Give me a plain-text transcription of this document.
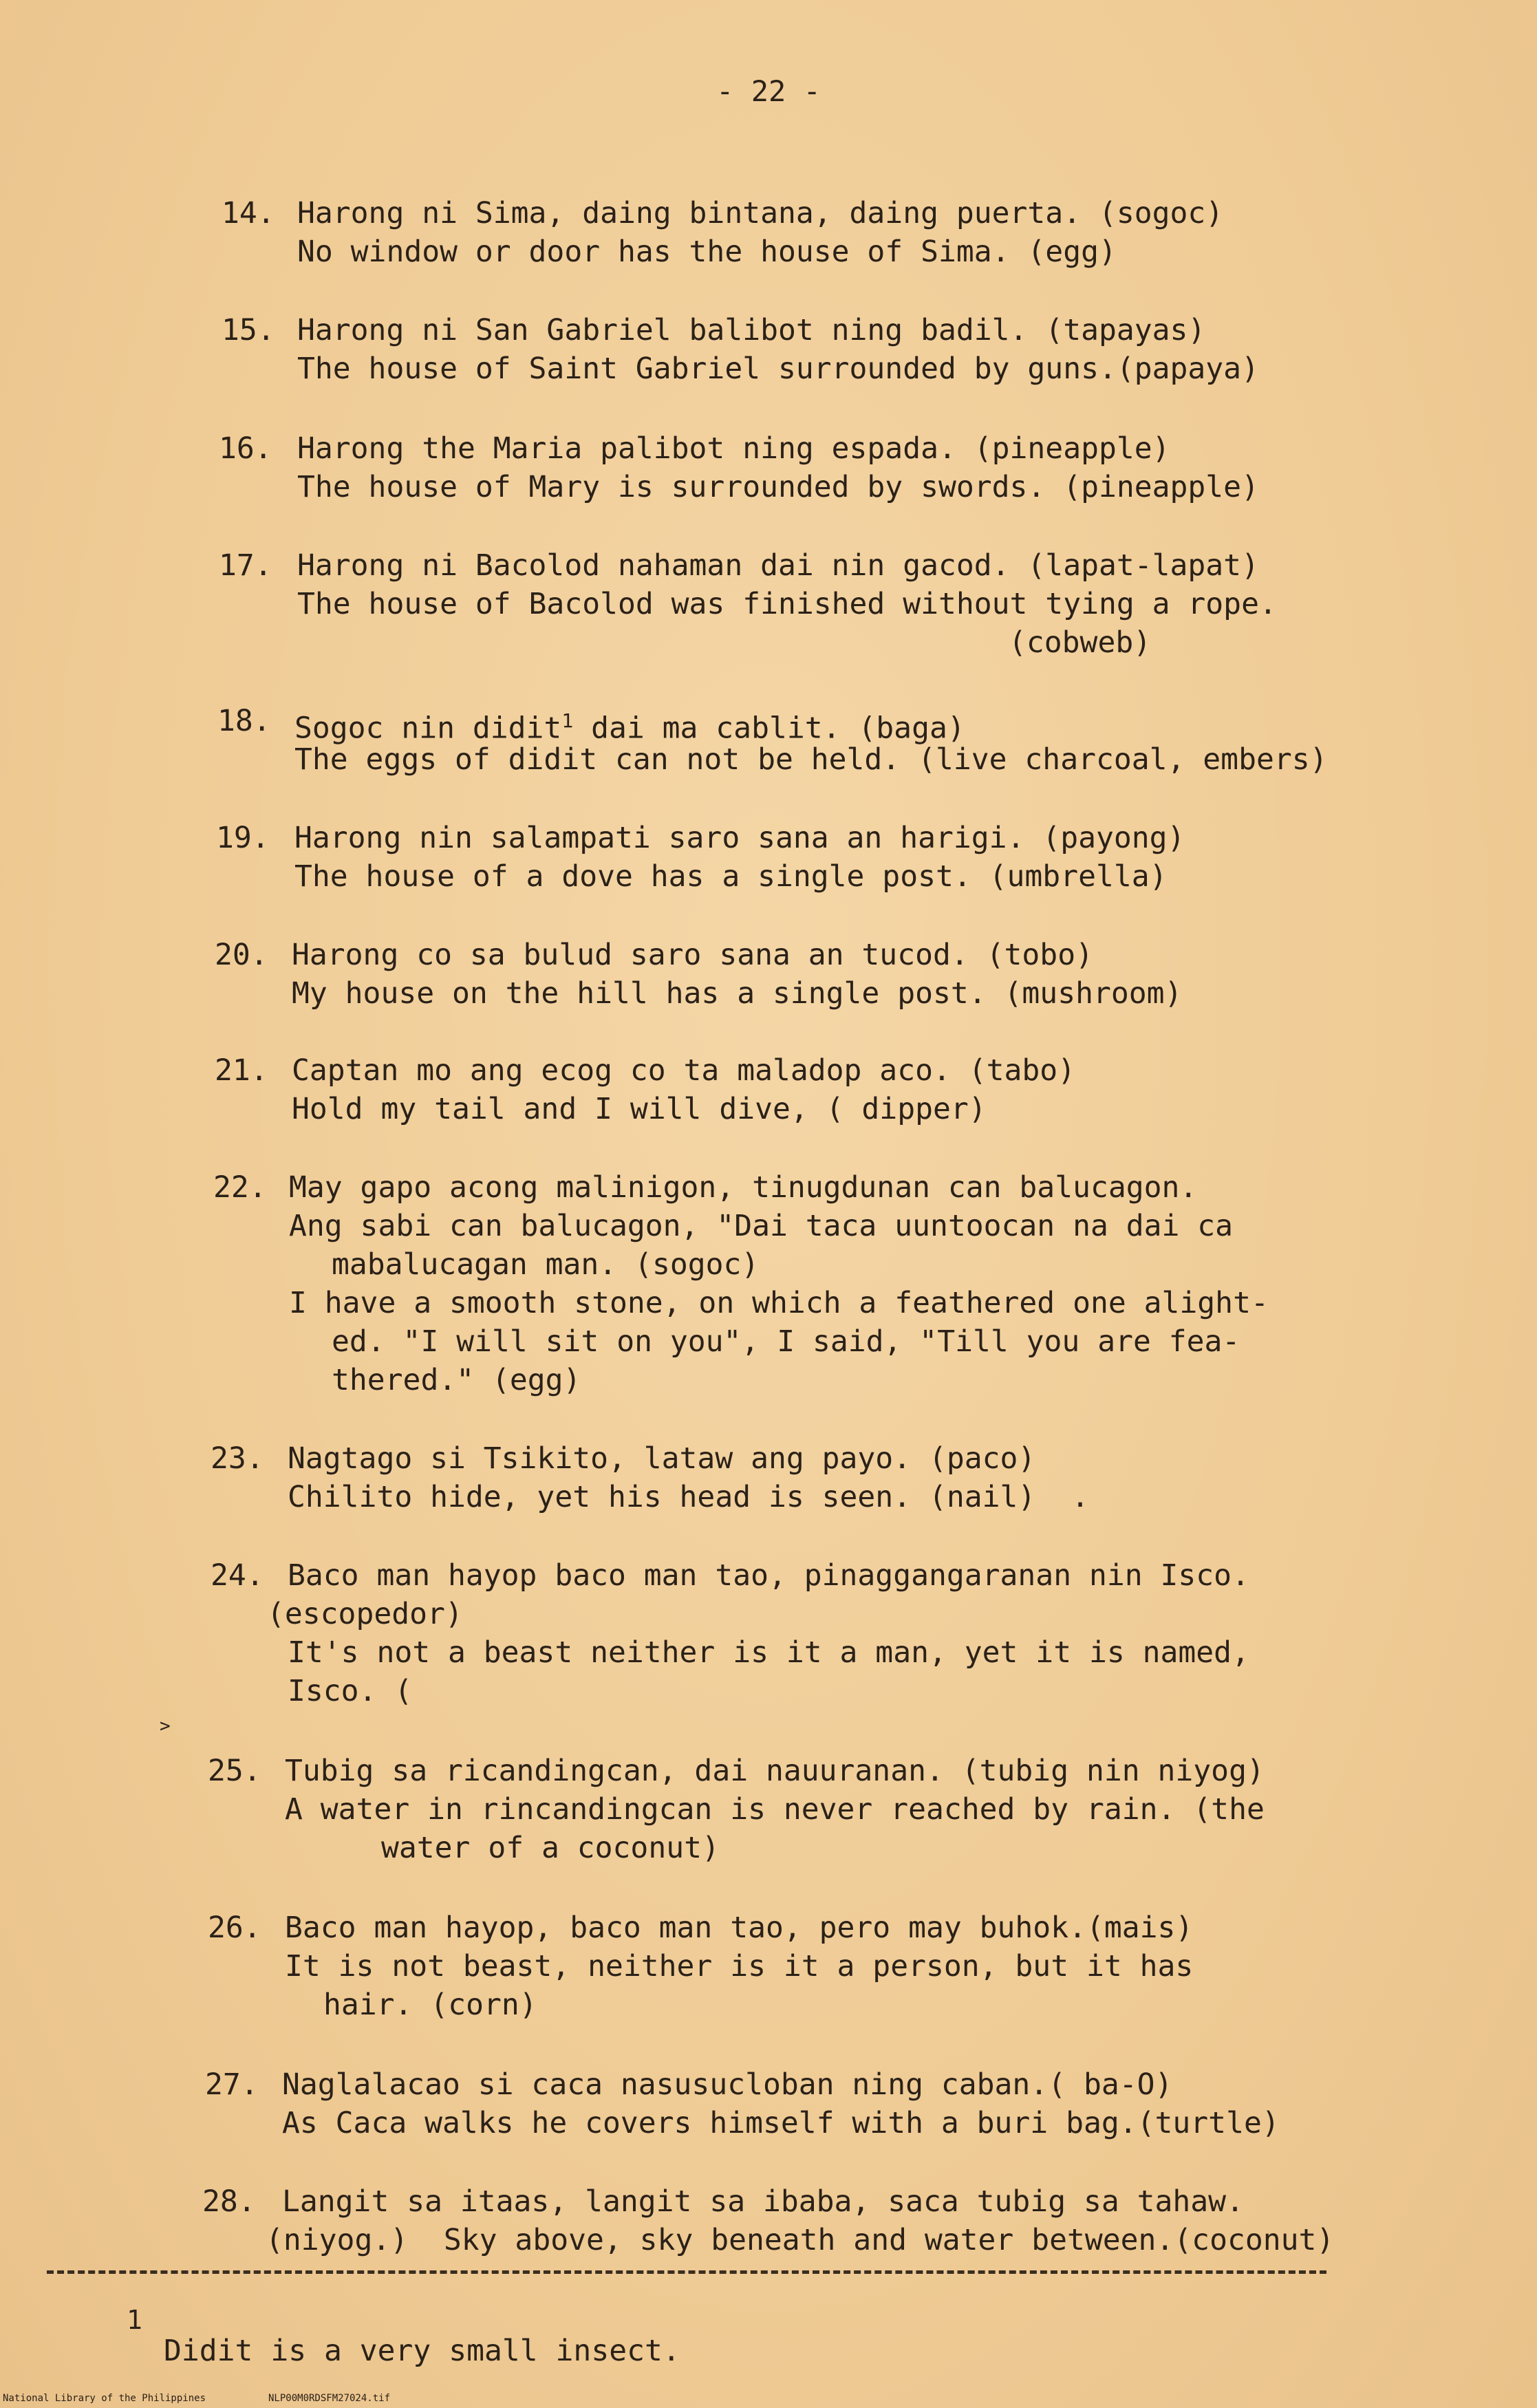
- 22 -
14. Harong ni Sima, daing bintana, daing puerta. (sogoc)
No window or door has the house of Sima. (egg)
15. Harong ni San Gabriel balibot ning badil. (tapayas)
The house of Saint Gabriel surrounded by guns.(papaya)
16. Harong the Maria palibot ning espada. (pineapple)
The house of Mary is surrounded by swords. (pineapple)
17. Harong ni Bacolod nahaman dai nin gacod. (lapat-lapat)
The house of Bacolod was finished without tying a rope.
(cobweb)
18. Sogoc nin didit$^1$ dai ma cablit. (baga)
The eggs of didit can not be held. (live charcoal, embers)
19. Harong nin salampati saro sana an harigi. (payong)
The house of a dove has a single post. (umbrella)
20. Harong co sa bulud saro sana an tucod. (tobo)
My house on the hill has a single post. (mushroom)
21. Captan mo ang ecog co ta maladop aco. (tabo)
Hold my tail and I will dive, ( dipper)
22. May gapo acong malinigon, tinugdunan can balucagon.
Ang sabi can balucagon, "Dai taca uuntoocan na dai ca
mabalucagan man. (sogoc)
I have a smooth stone, on which a feathered one alight-
ed. "I will sit on you", I said, "Till you are fea-
thered." (egg)
23. Nagtago si Tsikito, lataw ang payo. (paco)
Chilito hide, yet his head is seen. (nail)  .
24. Baco man hayop baco man tao, pinaggangaranan nin Isco.
(escopedor)
It's not a beast neither is it a man, yet it is named,
Isco. (
>
25. Tubig sa ricandingcan, dai nauuranan. (tubig nin niyog)
A water in rincandingcan is never reached by rain. (the
water of a coconut)
26. Baco man hayop, baco man tao, pero may buhok.(mais)
It is not beast, neither is it a person, but it has
hair. (corn)
27. Naglalacao si caca nasusucloban ning caban.( ba-O)
As Caca walks he covers himself with a buri bag.(turtle)
28. Langit sa itaas, langit sa ibaba, saca tubig sa tahaw.
(niyog.)  Sky above, sky beneath and water between.(coconut)
1
Didit is a very small insect.
National Library of the Philippines	NLP00M0RDSFM27024.tif
